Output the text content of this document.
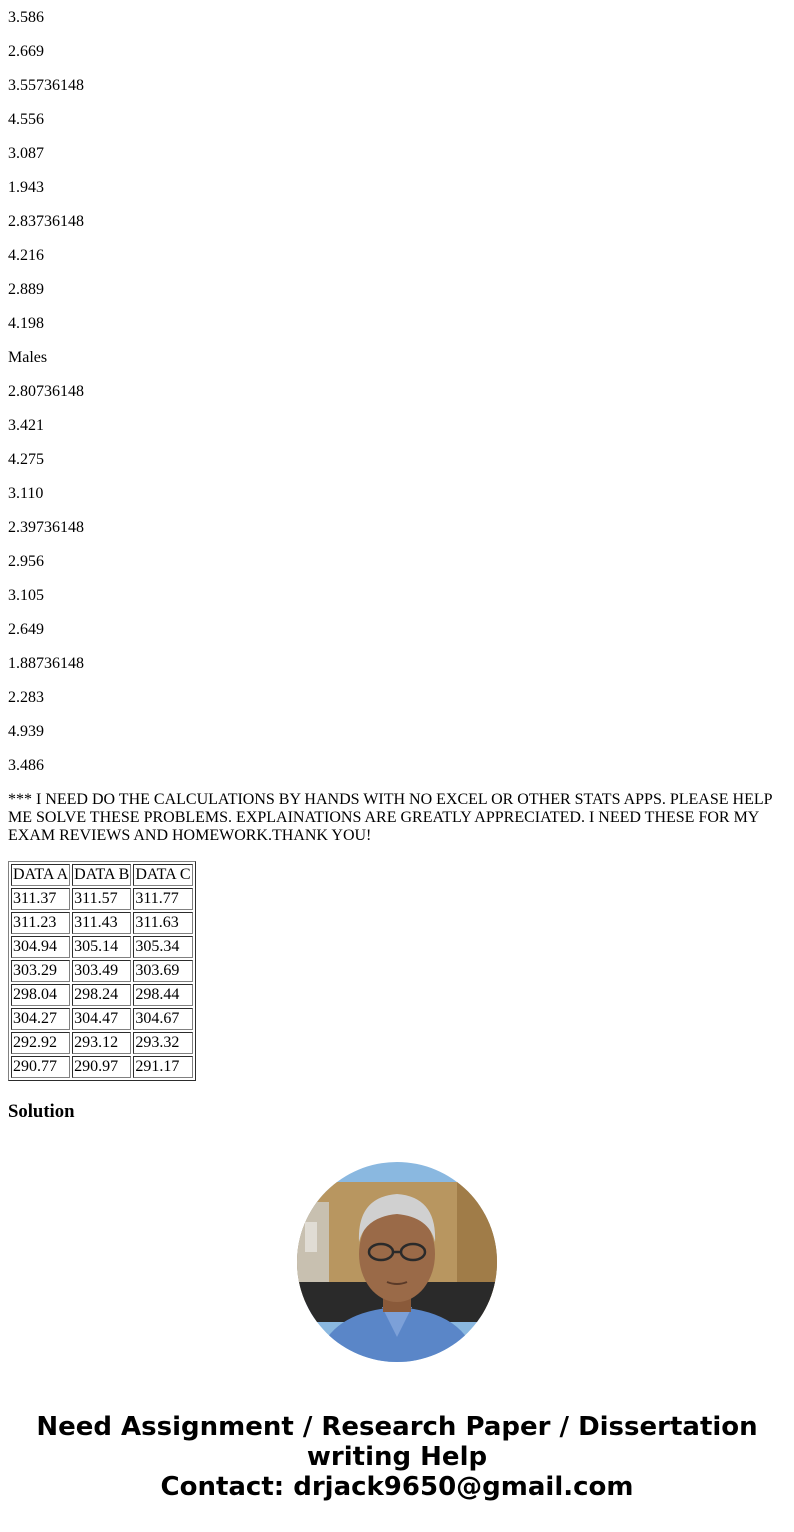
3.586

2.669

3.55736148

4.556

3.087

1.943

2.83736148

4.216

2.889

4.198

Males

2.80736148

3.421

4.275

3.110

2.39736148

2.956

3.105

2.649

1.88736148

2.283

4.939

3.486

*** I NEED DO THE CALCULATIONS BY HANDS WITH NO EXCEL OR OTHER STATS APPS. PLEASE HELP ME SOLVE THESE PROBLEMS. EXPLAINATIONS ARE GREATLY APPRECIATED. I NEED THESE FOR MY EXAM REVIEWS AND HOMEWORK.THANK YOU!

DATA A	DATA B	DATA C
311.37	311.57	311.77
311.23	311.43	311.63
304.94	305.14	305.34
303.29	303.49	303.69
298.04	298.24	298.44
304.27	304.47	304.67
292.92	293.12	293.32
290.77	290.97	291.17
Solution
Need Assignment / Research Paper / Dissertation writing Help
Contact: drjack9650@gmail.com
